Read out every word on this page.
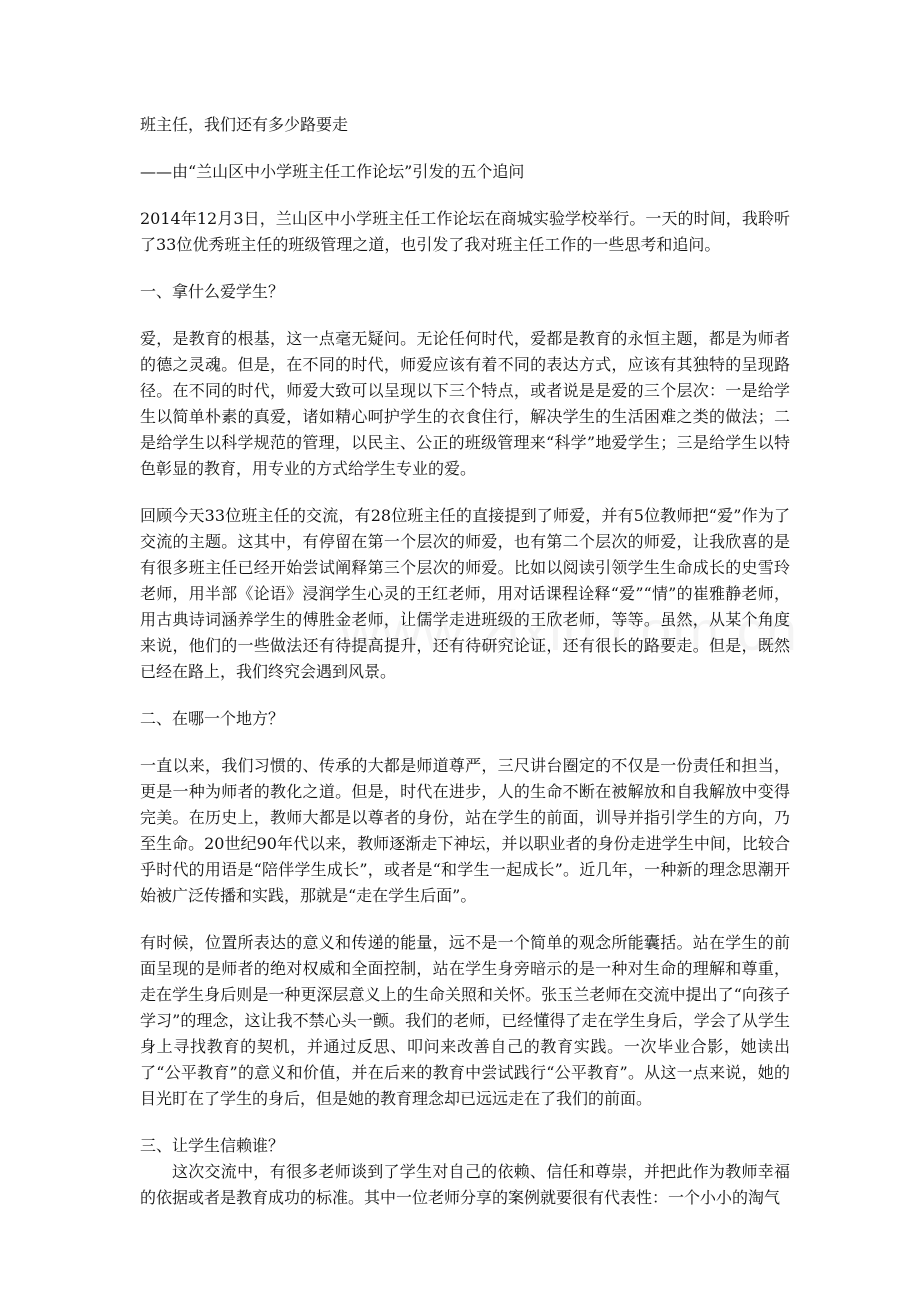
班主任，我们还有多少路要走

——由“兰山区中小学班主任工作论坛”引发的五个追问

2014年12月3日，兰山区中小学班主任工作论坛在商城实验学校举行。一天的时间，我聆听了33位优秀班主任的班级管理之道，也引发了我对班主任工作的一些思考和追问。

一、拿什么爱学生？

爱，是教育的根基，这一点毫无疑问。无论任何时代，爱都是教育的永恒主题，都是为师者的德之灵魂。但是，在不同的时代，师爱应该有着不同的表达方式，应该有其独特的呈现路径。在不同的时代，师爱大致可以呈现以下三个特点，或者说是是爱的三个层次：一是给学生以简单朴素的真爱，诸如精心呵护学生的衣食住行，解决学生的生活困难之类的做法；二是给学生以科学规范的管理，以民主、公正的班级管理来“科学”地爱学生；三是给学生以特色彰显的教育，用专业的方式给学生专业的爱。

回顾今天33位班主任的交流，有28位班主任的直接提到了师爱，并有5位教师把“爱”作为了交流的主题。这其中，有停留在第一个层次的师爱，也有第二个层次的师爱，让我欣喜的是有很多班主任已经开始尝试阐释第三个层次的师爱。比如以阅读引领学生生命成长的史雪玲老师，用半部《论语》浸润学生心灵的王红老师，用对话课程诠释“爱”“情”的崔雅静老师，用古典诗词涵养学生的傅胜金老师，让儒学走进班级的王欣老师，等等。虽然，从某个角度来说，他们的一些做法还有待提高提升，还有待研究论证，还有很长的路要走。但是，既然已经在路上，我们终究会遇到风景。

二、在哪一个地方？

一直以来，我们习惯的、传承的大都是师道尊严，三尺讲台圈定的不仅是一份责任和担当，更是一种为师者的教化之道。但是，时代在进步，人的生命不断在被解放和自我解放中变得完美。在历史上，教师大都是以尊者的身份，站在学生的前面，训导并指引学生的方向，乃至生命。20世纪90年代以来，教师逐渐走下神坛，并以职业者的身份走进学生中间，比较合乎时代的用语是“陪伴学生成长”，或者是“和学生一起成长”。近几年，一种新的理念思潮开始被广泛传播和实践，那就是“走在学生后面”。

有时候，位置所表达的意义和传递的能量，远不是一个简单的观念所能囊括。站在学生的前面呈现的是师者的绝对权威和全面控制，站在学生身旁暗示的是一种对生命的理解和尊重，走在学生身后则是一种更深层意义上的生命关照和关怀。张玉兰老师在交流中提出了“向孩子学习”的理念，这让我不禁心头一颤。我们的老师，已经懂得了走在学生身后，学会了从学生身上寻找教育的契机，并通过反思、叩问来改善自己的教育实践。一次毕业合影，她读出了“公平教育”的意义和价值，并在后来的教育中尝试践行“公平教育”。从这一点来说，她的目光盯在了学生的身后，但是她的教育理念却已远远走在了我们的前面。

三、让学生信赖谁？

这次交流中，有很多老师谈到了学生对自己的依赖、信任和尊崇，并把此作为教师幸福的依据或者是教育成功的标准。其中一位老师分享的案例就要很有代表性：一个小小的淘气
